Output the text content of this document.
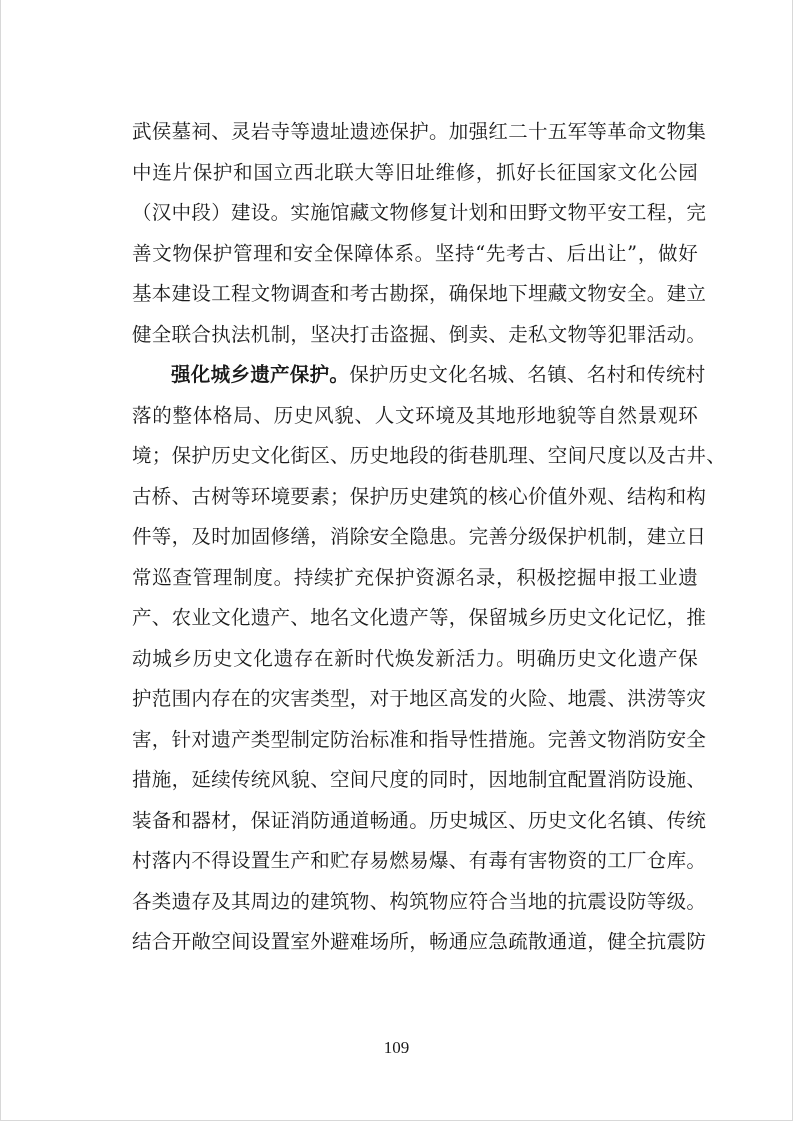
武侯墓祠、灵岩寺等遗址遗迹保护。加强红二十五军等革命文物集
中连片保护和国立西北联大等旧址维修，抓好长征国家文化公园
（汉中段）建设。实施馆藏文物修复计划和田野文物平安工程，完
善文物保护管理和安全保障体系。坚持“先考古、后出让”，做好
基本建设工程文物调查和考古勘探，确保地下埋藏文物安全。建立
健全联合执法机制，坚决打击盗掘、倒卖、走私文物等犯罪活动。
强化城乡遗产保护。保护历史文化名城、名镇、名村和传统村
落的整体格局、历史风貌、人文环境及其地形地貌等自然景观环
境；保护历史文化街区、历史地段的街巷肌理、空间尺度以及古井、
古桥、古树等环境要素；保护历史建筑的核心价值外观、结构和构
件等，及时加固修缮，消除安全隐患。完善分级保护机制，建立日
常巡查管理制度。持续扩充保护资源名录，积极挖掘申报工业遗
产、农业文化遗产、地名文化遗产等，保留城乡历史文化记忆，推
动城乡历史文化遗存在新时代焕发新活力。明确历史文化遗产保
护范围内存在的灾害类型，对于地区高发的火险、地震、洪涝等灾
害，针对遗产类型制定防治标准和指导性措施。完善文物消防安全
措施，延续传统风貌、空间尺度的同时，因地制宜配置消防设施、
装备和器材，保证消防通道畅通。历史城区、历史文化名镇、传统
村落内不得设置生产和贮存易燃易爆、有毒有害物资的工厂仓库。
各类遗存及其周边的建筑物、构筑物应符合当地的抗震设防等级。
结合开敞空间设置室外避难场所，畅通应急疏散通道，健全抗震防
109
